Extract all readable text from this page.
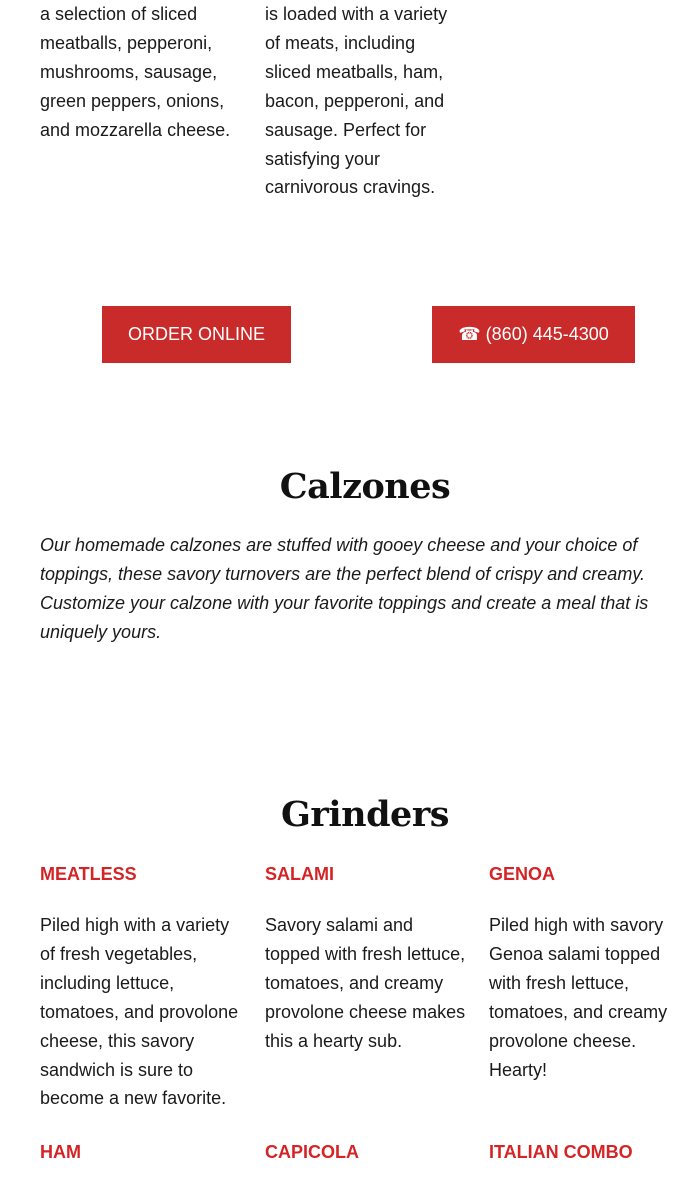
a selection of sliced meatballs, pepperoni, mushrooms, sausage, green peppers, onions, and mozzarella cheese.

is loaded with a variety of meats, including sliced meatballs, ham, bacon, pepperoni, and sausage. Perfect for satisfying your carnivorous cravings.

ORDER ONLINE	☎ (860) 445-4300
Calzones

Our homemade calzones are stuffed with gooey cheese and your choice of toppings, these savory turnovers are the perfect blend of crispy and creamy. Customize your calzone with your favorite toppings and create a meal that is uniquely yours.

Grinders
MEATLESS	SALAMI	GENOA

Piled high with a variety of fresh vegetables, including lettuce, tomatoes, and provolone cheese, this savory sandwich is sure to become a new favorite.

Savory salami and topped with fresh lettuce, tomatoes, and creamy provolone cheese makes this a hearty sub.

Piled high with savory Genoa salami topped with fresh lettuce, tomatoes, and creamy provolone cheese. Hearty!

HAM	CAPICOLA	ITALIAN COMBO
